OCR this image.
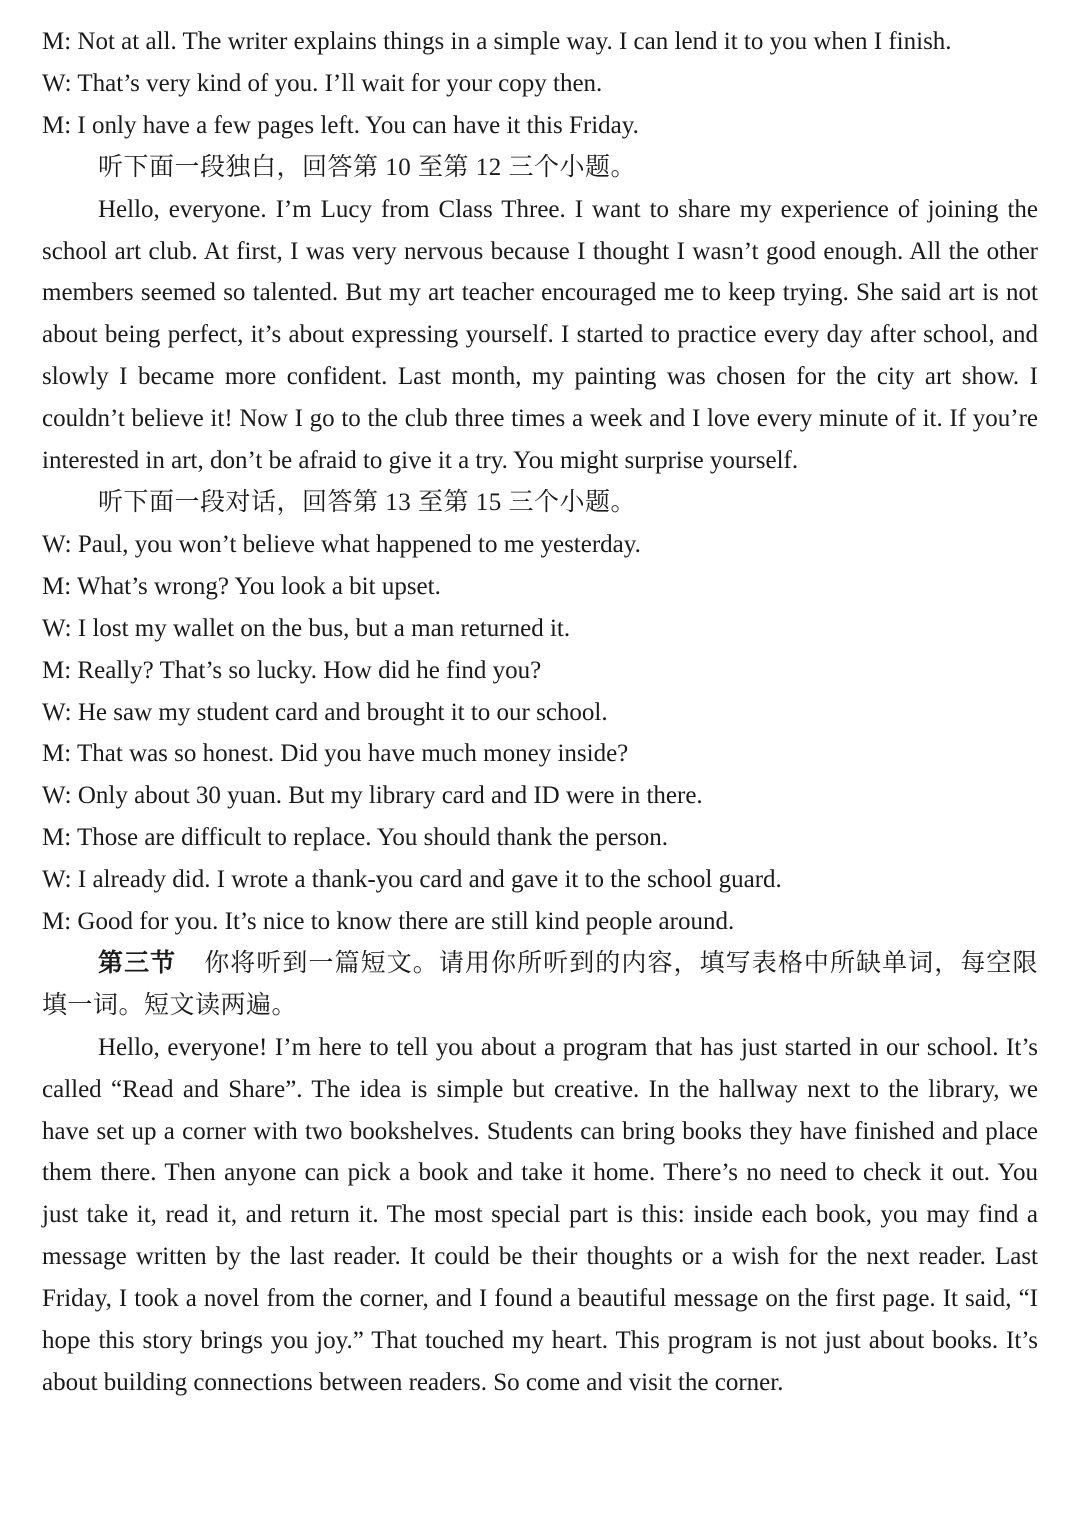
M: Not at all. The writer explains things in a simple way. I can lend it to you when I finish.

W: That’s very kind of you. I’ll wait for your copy then.

M: I only have a few pages left. You can have it this Friday.

听下面一段独白，回答第 10 至第 12 三个小题。

Hello, everyone. I’m Lucy from Class Three. I want to share my experience of joining the school art club. At first, I was very nervous because I thought I wasn’t good enough. All the other members seemed so talented. But my art teacher encouraged me to keep trying. She said art is not about being perfect, it’s about expressing yourself. I started to practice every day after school, and slowly I became more confident. Last month, my painting was chosen for the city art show. I couldn’t believe it! Now I go to the club three times a week and I love every minute of it. If you’re interested in art, don’t be afraid to give it a try. You might surprise yourself.

听下面一段对话，回答第 13 至第 15 三个小题。

W: Paul, you won’t believe what happened to me yesterday.

M: What’s wrong? You look a bit upset.

W: I lost my wallet on the bus, but a man returned it.

M: Really? That’s so lucky. How did he find you?

W: He saw my student card and brought it to our school.

M: That was so honest. Did you have much money inside?

W: Only about 30 yuan. But my library card and ID were in there.

M: Those are difficult to replace. You should thank the person.

W: I already did. I wrote a thank-you card and gave it to the school guard.

M: Good for you. It’s nice to know there are still kind people around.

第三节 你将听到一篇短文。请用你所听到的内容，填写表格中所缺单词，每空限填一词。短文读两遍。

Hello, everyone! I’m here to tell you about a program that has just started in our school. It’s called “Read and Share”. The idea is simple but creative. In the hallway next to the library, we have set up a corner with two bookshelves. Students can bring books they have finished and place them there. Then anyone can pick a book and take it home. There’s no need to check it out. You just take it, read it, and return it. The most special part is this: inside each book, you may find a message written by the last reader. It could be their thoughts or a wish for the next reader. Last Friday, I took a novel from the corner, and I found a beautiful message on the first page. It said, “I hope this story brings you joy.” That touched my heart. This program is not just about books. It’s about building connections between readers. So come and visit the corner.
